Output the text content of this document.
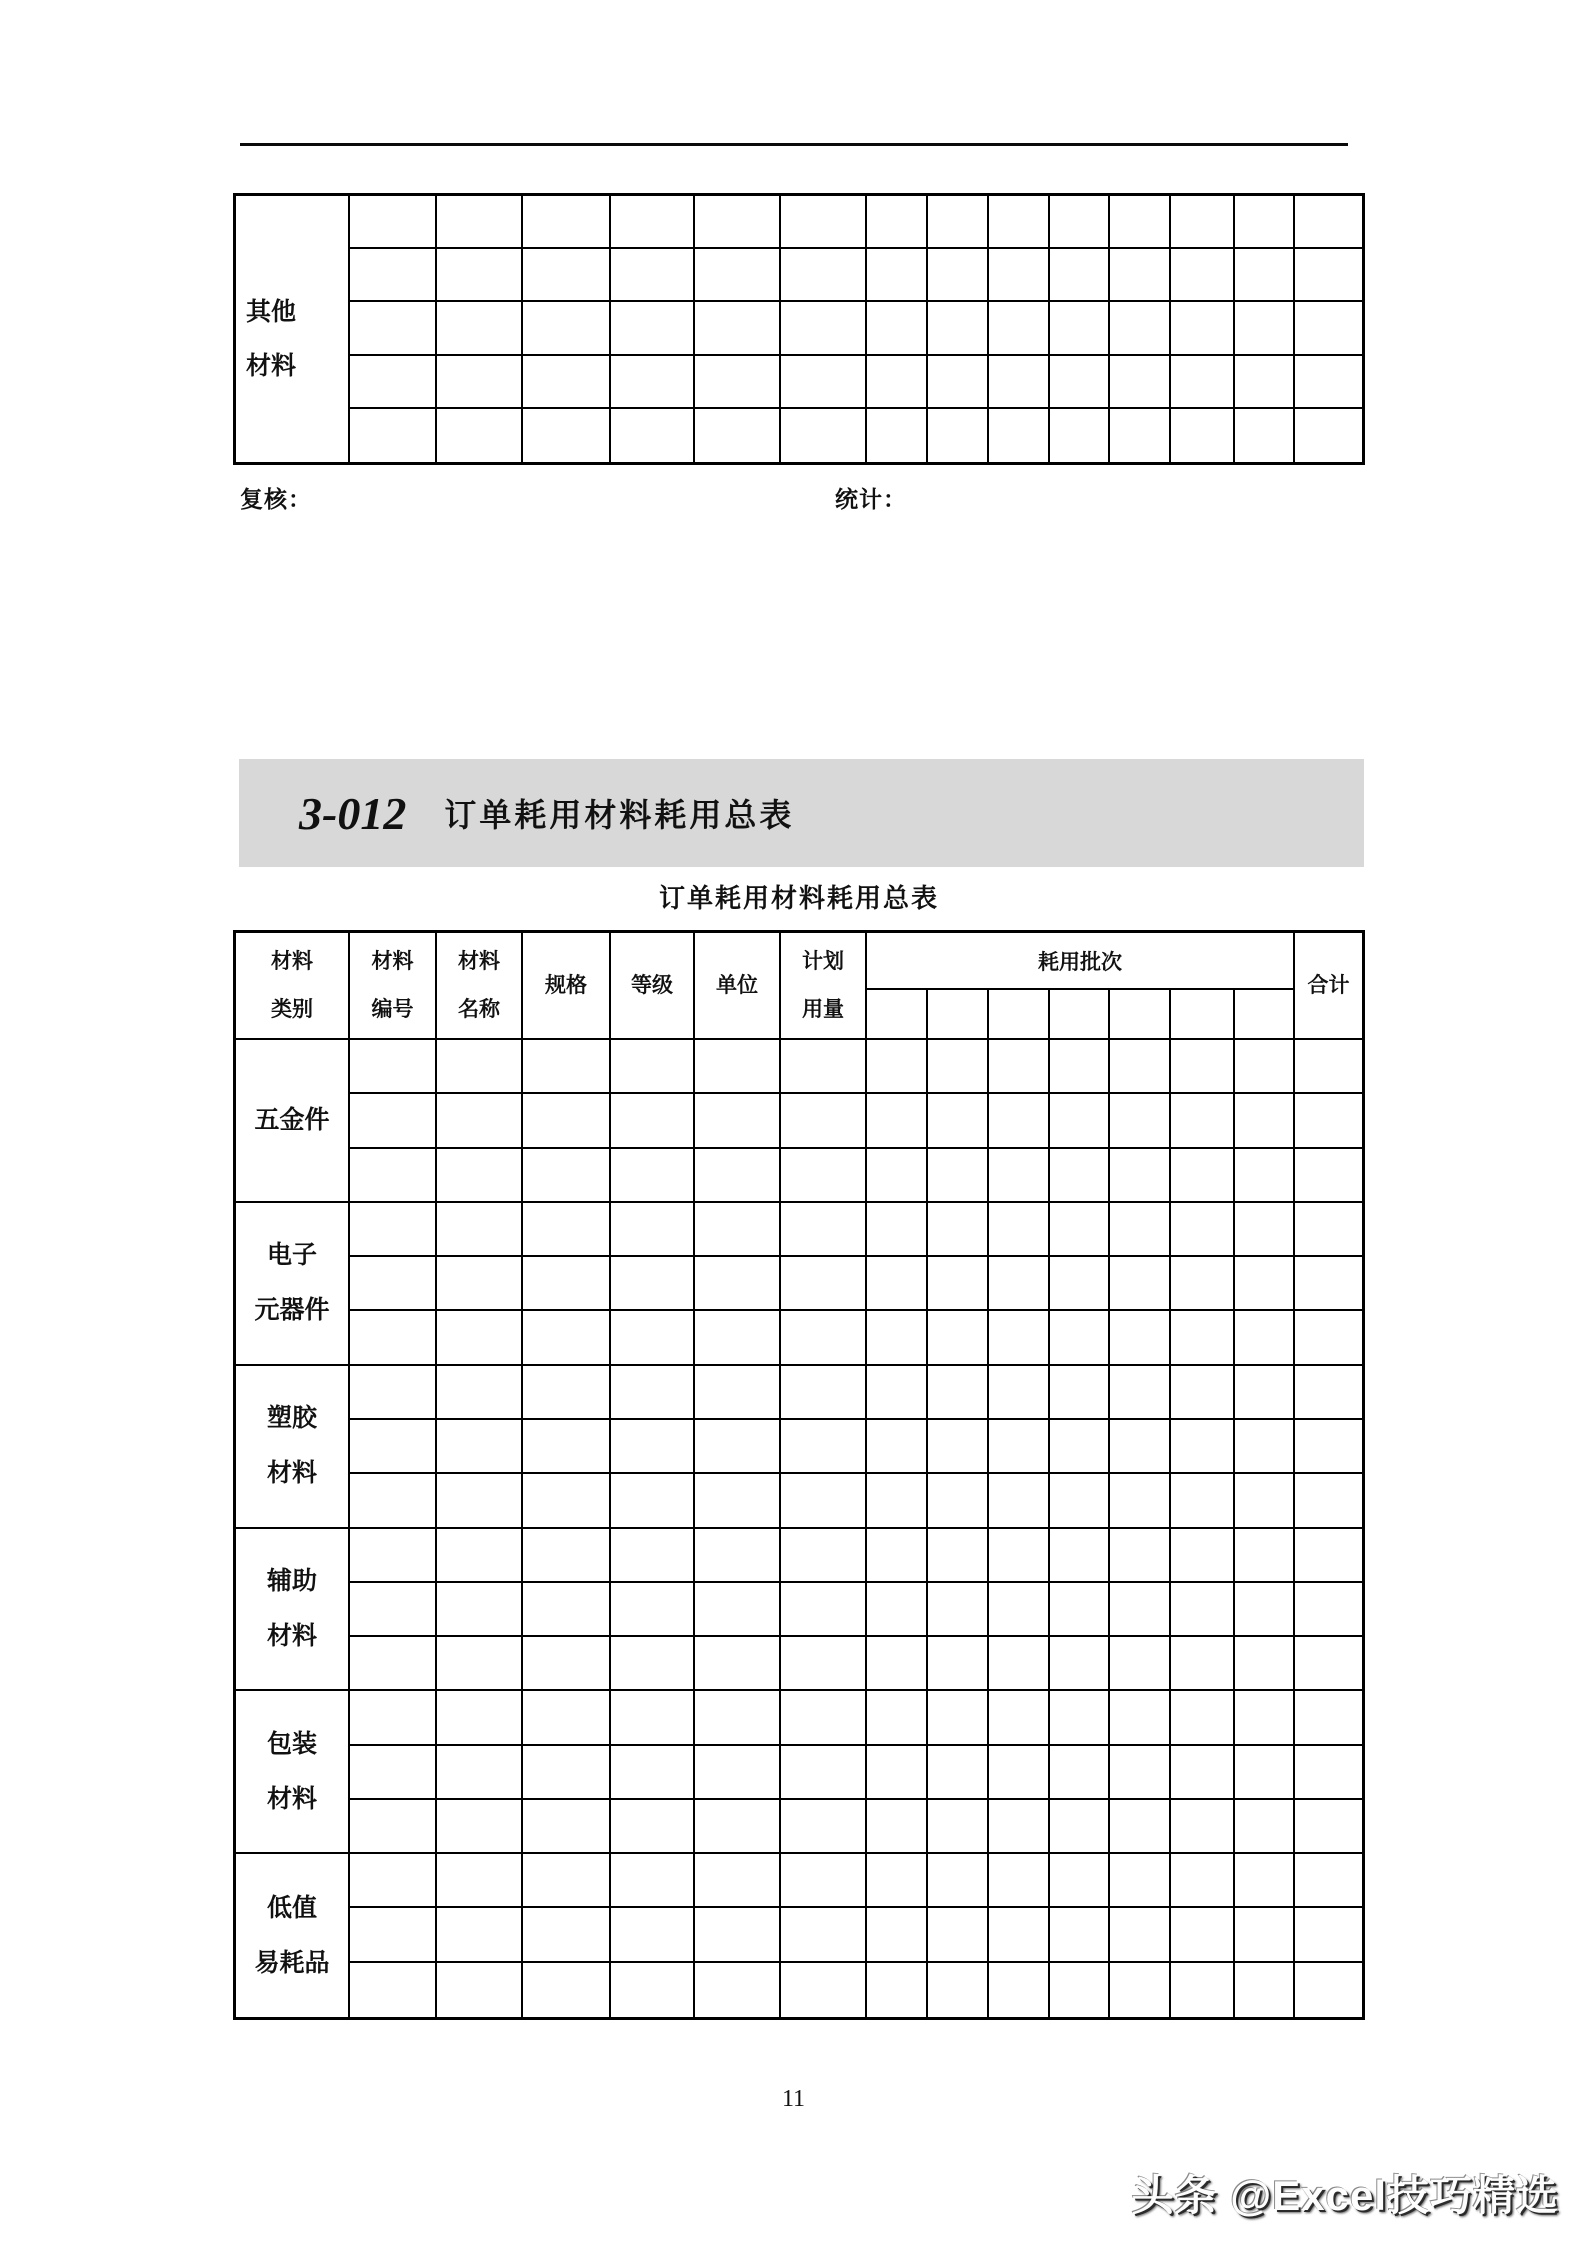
其他
材料
复核：	统计：
3-012 订单耗用材料耗用总表
订单耗用材料耗用总表
材料
类别
材料
编号
材料
名称
规格 等级 单位
计划
用量
耗用批次
合计
五金件
电子
元器件
塑胶
材料
辅助
材料
包装
材料
低值
易耗品
11
头条 @Excel技巧精选
